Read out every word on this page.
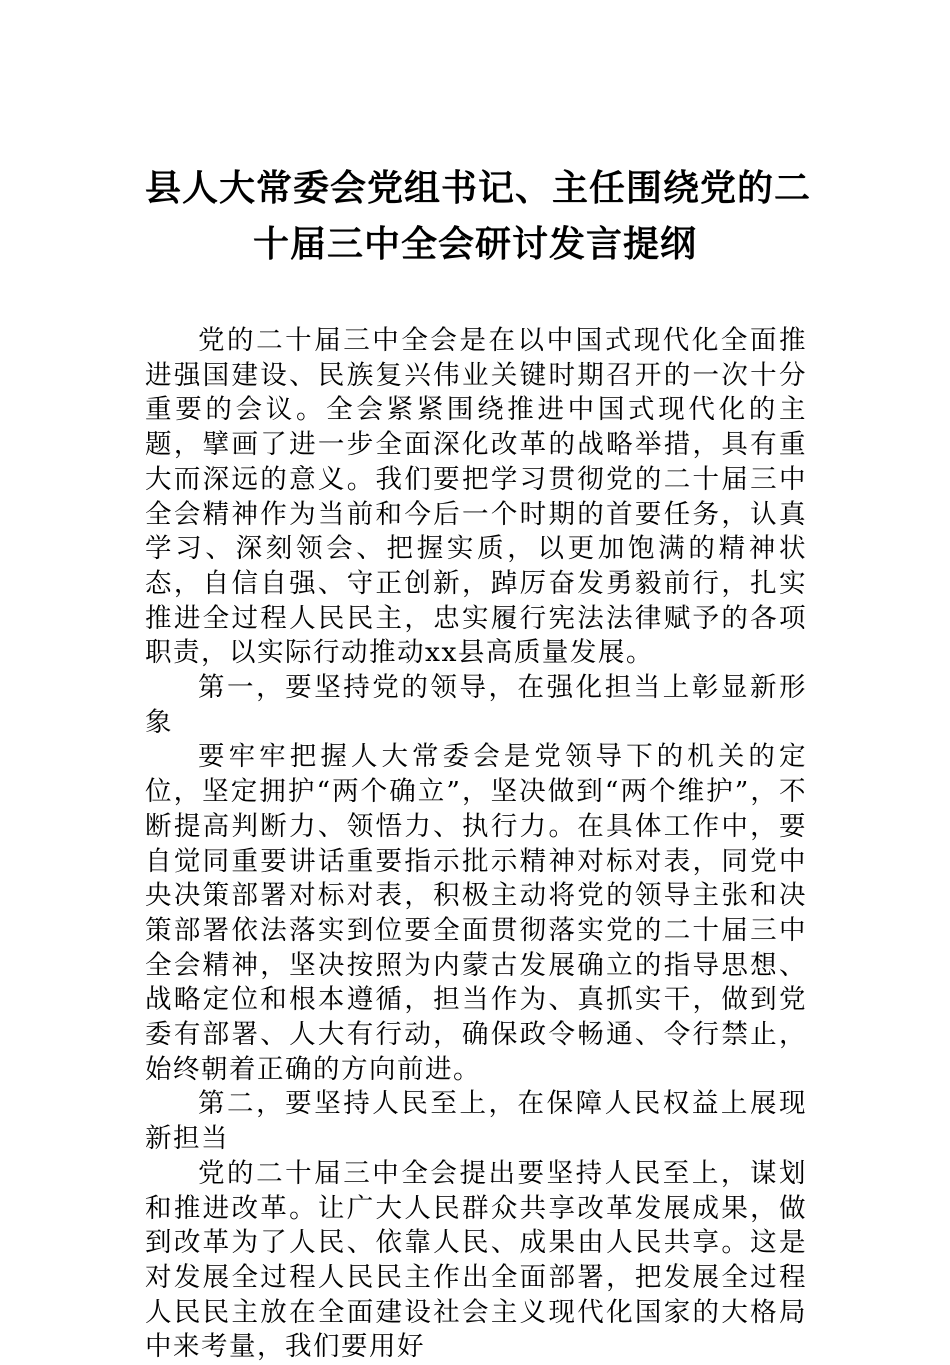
县人大常委会党组书记、主任围绕党的二
十届三中全会研讨发言提纲

党的二十届三中全会是在以中国式现代化全面推进强国建设、民族复兴伟业关键时期召开的一次十分重要的会议。全会紧紧围绕推进中国式现代化的主题，擘画了进一步全面深化改革的战略举措，具有重大而深远的意义。我们要把学习贯彻党的二十届三中全会精神作为当前和今后一个时期的首要任务，认真学习、深刻领会、把握实质，以更加饱满的精神状态，自信自强、守正创新，踔厉奋发勇毅前行，扎实推进全过程人民民主，忠实履行宪法法律赋予的各项职责，以实际行动推动xx县高质量发展。

第一，要坚持党的领导，在强化担当上彰显新形象

要牢牢把握人大常委会是党领导下的机关的定位，坚定拥护“两个确立”，坚决做到“两个维护”，不断提高判断力、领悟力、执行力。在具体工作中，要自觉同重要讲话重要指示批示精神对标对表，同党中央决策部署对标对表，积极主动将党的领导主张和决策部署依法落实到位要全面贯彻落实党的二十届三中全会精神，坚决按照为内蒙古发展确立的指导思想、战略定位和根本遵循，担当作为、真抓实干，做到党委有部署、人大有行动，确保政令畅通、令行禁止，始终朝着正确的方向前进。

第二，要坚持人民至上，在保障人民权益上展现新担当

党的二十届三中全会提出要坚持人民至上，谋划和推进改革。让广大人民群众共享改革发展成果，做到改革为了人民、依靠人民、成果由人民共享。这是对发展全过程人民民主作出全面部署，把发展全过程人民民主放在全面建设社会主义现代化国家的大格局中来考量，我们要用好
